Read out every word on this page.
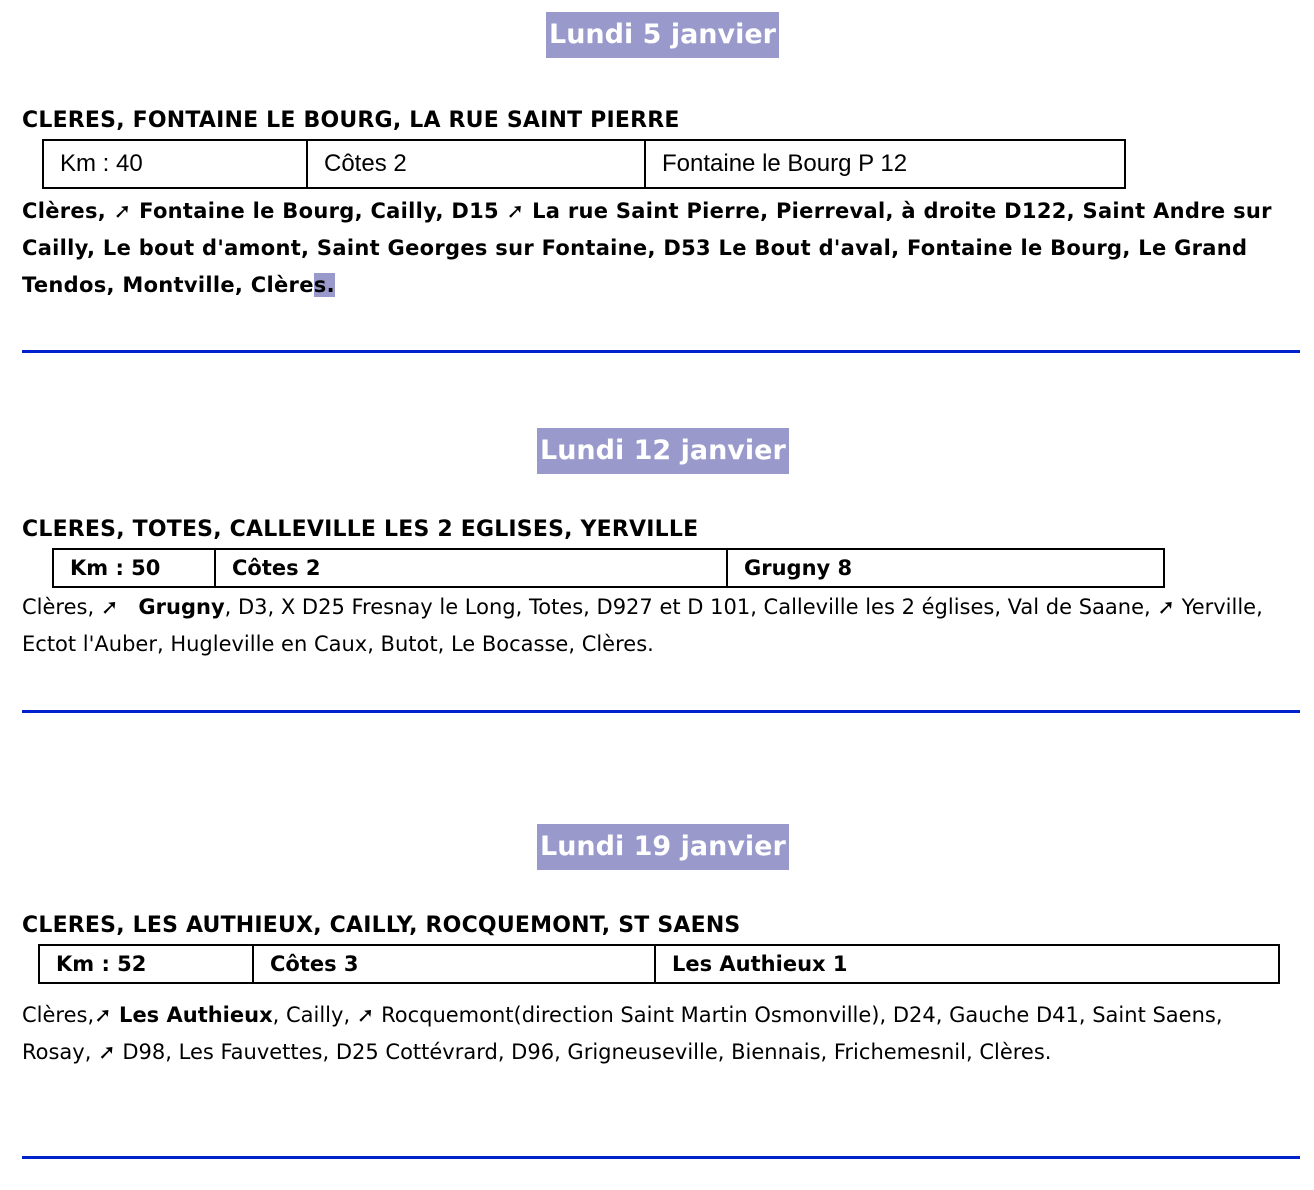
Lundi 5 janvier
CLERES, FONTAINE LE BOURG, LA RUE SAINT PIERRE
Km : 40	Côtes 2	Fontaine le Bourg P 12
Clères, ➚ Fontaine le Bourg, Cailly, D15 ➚ La rue Saint Pierre, Pierreval, à droite D122, Saint Andre sur Cailly, Le bout d'amont, Saint Georges sur Fontaine, D53 Le Bout d'aval, Fontaine le Bourg, Le Grand Tendos, Montville, Clères.
Lundi 12 janvier
CLERES, TOTES, CALLEVILLE LES 2 EGLISES, YERVILLE
Km : 50	Côtes 2	Grugny 8
Clères, ➚ Grugny, D3, X D25 Fresnay le Long, Totes, D927 et D 101, Calleville les 2 églises, Val de Saane, ➚ Yerville, Ectot l'Auber, Hugleville en Caux, Butot, Le Bocasse, Clères.
Lundi 19 janvier
CLERES, LES AUTHIEUX, CAILLY, ROCQUEMONT, ST SAENS
Km : 52	Côtes 3	Les Authieux 1
Clères,➚ Les Authieux, Cailly, ➚ Rocquemont(direction Saint Martin Osmonville), D24, Gauche D41, Saint Saens, Rosay, ➚ D98, Les Fauvettes, D25 Cottévrard, D96, Grigneuseville, Biennais, Frichemesnil, Clères.
